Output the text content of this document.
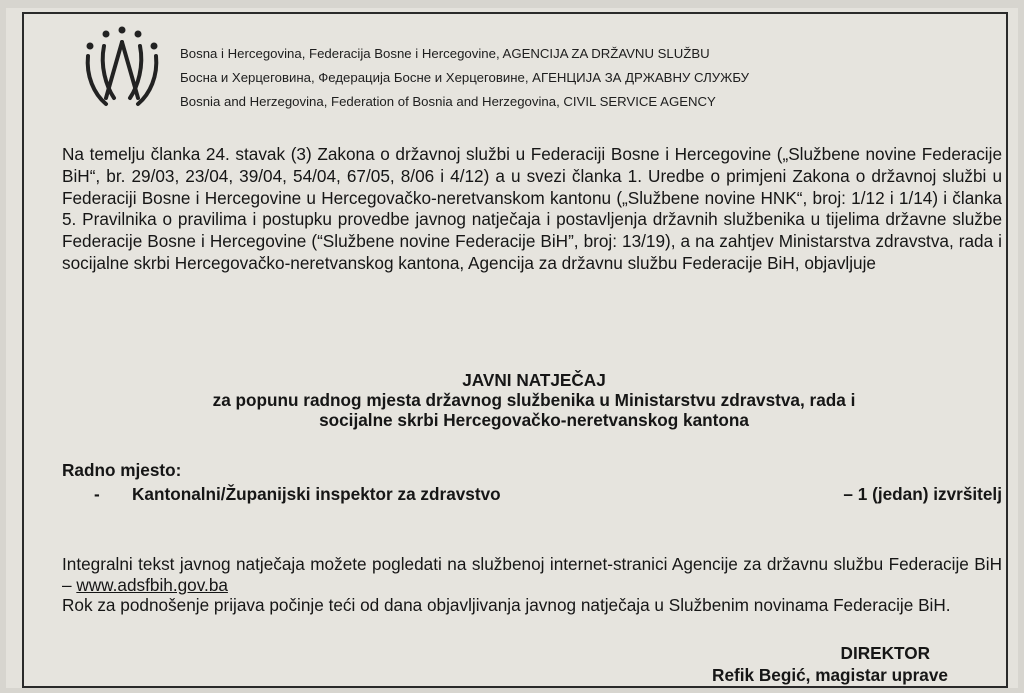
Bosna i Hercegovina, Federacija Bosne i Hercegovine, AGENCIJA ZA DRŽAVNU SLUŽBU
Босна и Херцеговина, Федерација Босне и Херцеговине, АГЕНЦИЈА ЗА ДРЖАВНУ СЛУЖБУ
Bosnia and Herzegovina, Federation of Bosnia and Herzegovina, CIVIL SERVICE AGENCY
Na temelju članka 24. stavak (3) Zakona o državnoj službi u Federaciji Bosne i Hercegovine („Službene novine Federacije BiH“, br. 29/03, 23/04, 39/04, 54/04, 67/05, 8/06 i 4/12) a u svezi članka 1. Uredbe o primjeni Zakona o državnoj službi u Federaciji Bosne i Hercegovine u Hercegovačko-neretvanskom kantonu („Službene novine HNK“, broj: 1/12 i 1/14) i članka 5. Pravilnika o pravilima i postupku provedbe javnog natječaja i postavljenja državnih službenika u tijelima državne službe Federacije Bosne i Hercegovine (“Službene novine Federacije BiH”, broj: 13/19), a na zahtjev Ministarstva zdravstva, rada i socijalne skrbi Hercegovačko-neretvanskog kantona, Agencija za državnu službu Federacije BiH, objavljuje
JAVNI NATJEČAJ
za popunu radnog mjesta državnog službenika u Ministarstvu zdravstva, rada i
socijalne skrbi Hercegovačko-neretvanskog kantona
Radno mjesto:
- Kantonalni/Županijski inspektor za zdravstvo	– 1 (jedan) izvršitelj
Integralni tekst javnog natječaja možete pogledati na službenoj internet-stranici Agencije za državnu službu Federacije BiH – www.adsfbih.gov.ba
Rok za podnošenje prijava počinje teći od dana objavljivanja javnog natječaja u Službenim novinama Federacije BiH.
DIREKTOR
Refik Begić, magistar uprave
